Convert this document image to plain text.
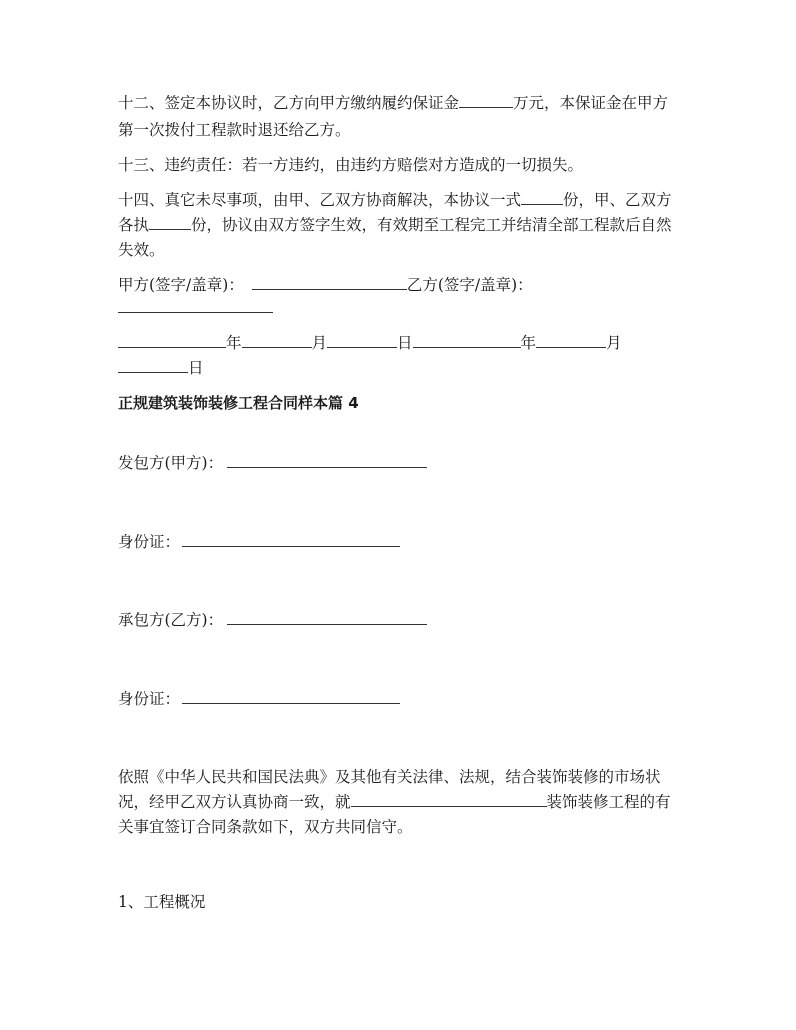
十二、签定本协议时，乙方向甲方缴纳履约保证金	万元，本保证金在甲方
第一次拨付工程款时退还给乙方。
十三、违约责任：若一方违约，由违约方赔偿对方造成的一切损失。
十四、真它未尽事项，由甲、乙双方协商解决，本协议一式	份，甲、乙双方
各执	份，协议由双方签字生效，有效期至工程完工并结清全部工程款后自然
失效。
甲方(签字/盖章)：	乙方(签字/盖章)：
年	月	日	年	月
日
正规建筑装饰装修工程合同样本篇 4
发包方(甲方)：
身份证：
承包方(乙方)：
身份证：
依照《中华人民共和国民法典》及其他有关法律、法规，结合装饰装修的市场状
况，经甲乙双方认真协商一致，就	装饰装修工程的有
关事宜签订合同条款如下，双方共同信守。
1、工程概况
